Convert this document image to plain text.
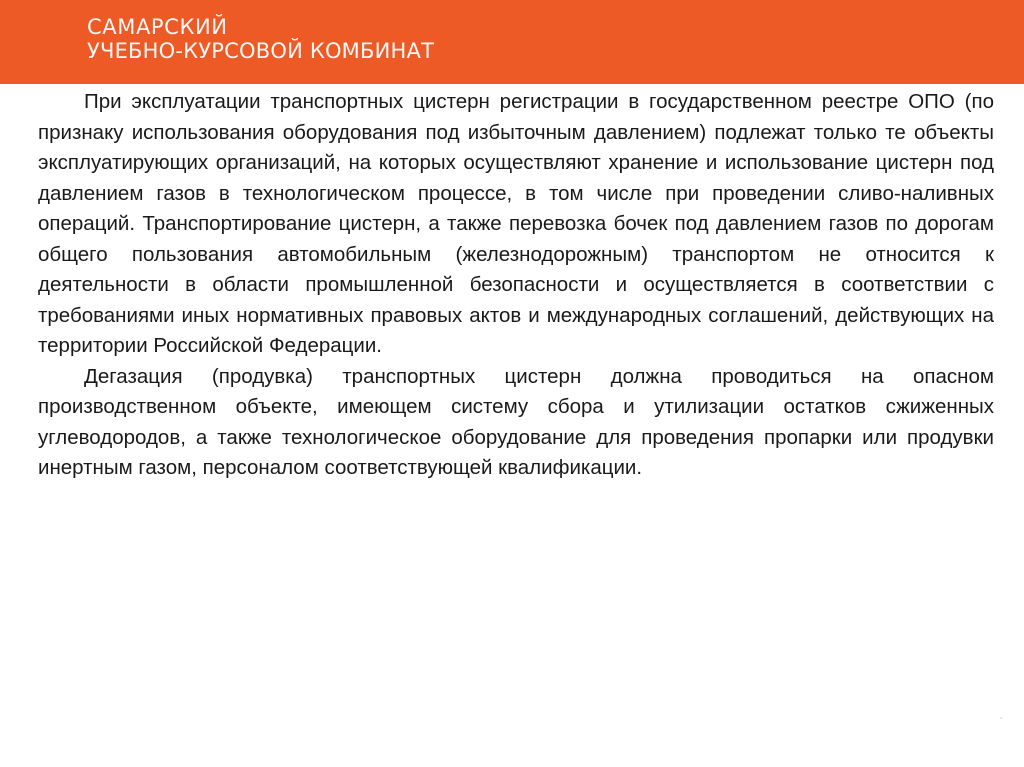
САМАРСКИЙ
УЧЕБНО-КУРСОВОЙ КОМБИНАТ

При эксплуатации транспортных цистерн регистрации в государственном реестре ОПО (по признаку использования оборудования под избыточным давлением) подлежат только те объекты эксплуатирующих организаций, на которых осуществляют хранение и использование цистерн под давлением газов в технологическом процессе, в том числе при проведении сливо-наливных операций. Транспортирование цистерн, а также перевозка бочек под давлением газов по дорогам общего пользования автомобильным (железнодорожным) транспортом не относится к деятельности в области промышленной безопасности и осуществляется в соответствии с требованиями иных нормативных правовых актов и международных соглашений, действующих на территории Российской Федерации.

Дегазация (продувка) транспортных цистерн должна проводиться на опасном производственном объекте, имеющем систему сбора и утилизации остатков сжиженных углеводородов, а также технологическое оборудование для проведения пропарки или продувки инертным газом, персоналом соответствующей квалификации.

-
